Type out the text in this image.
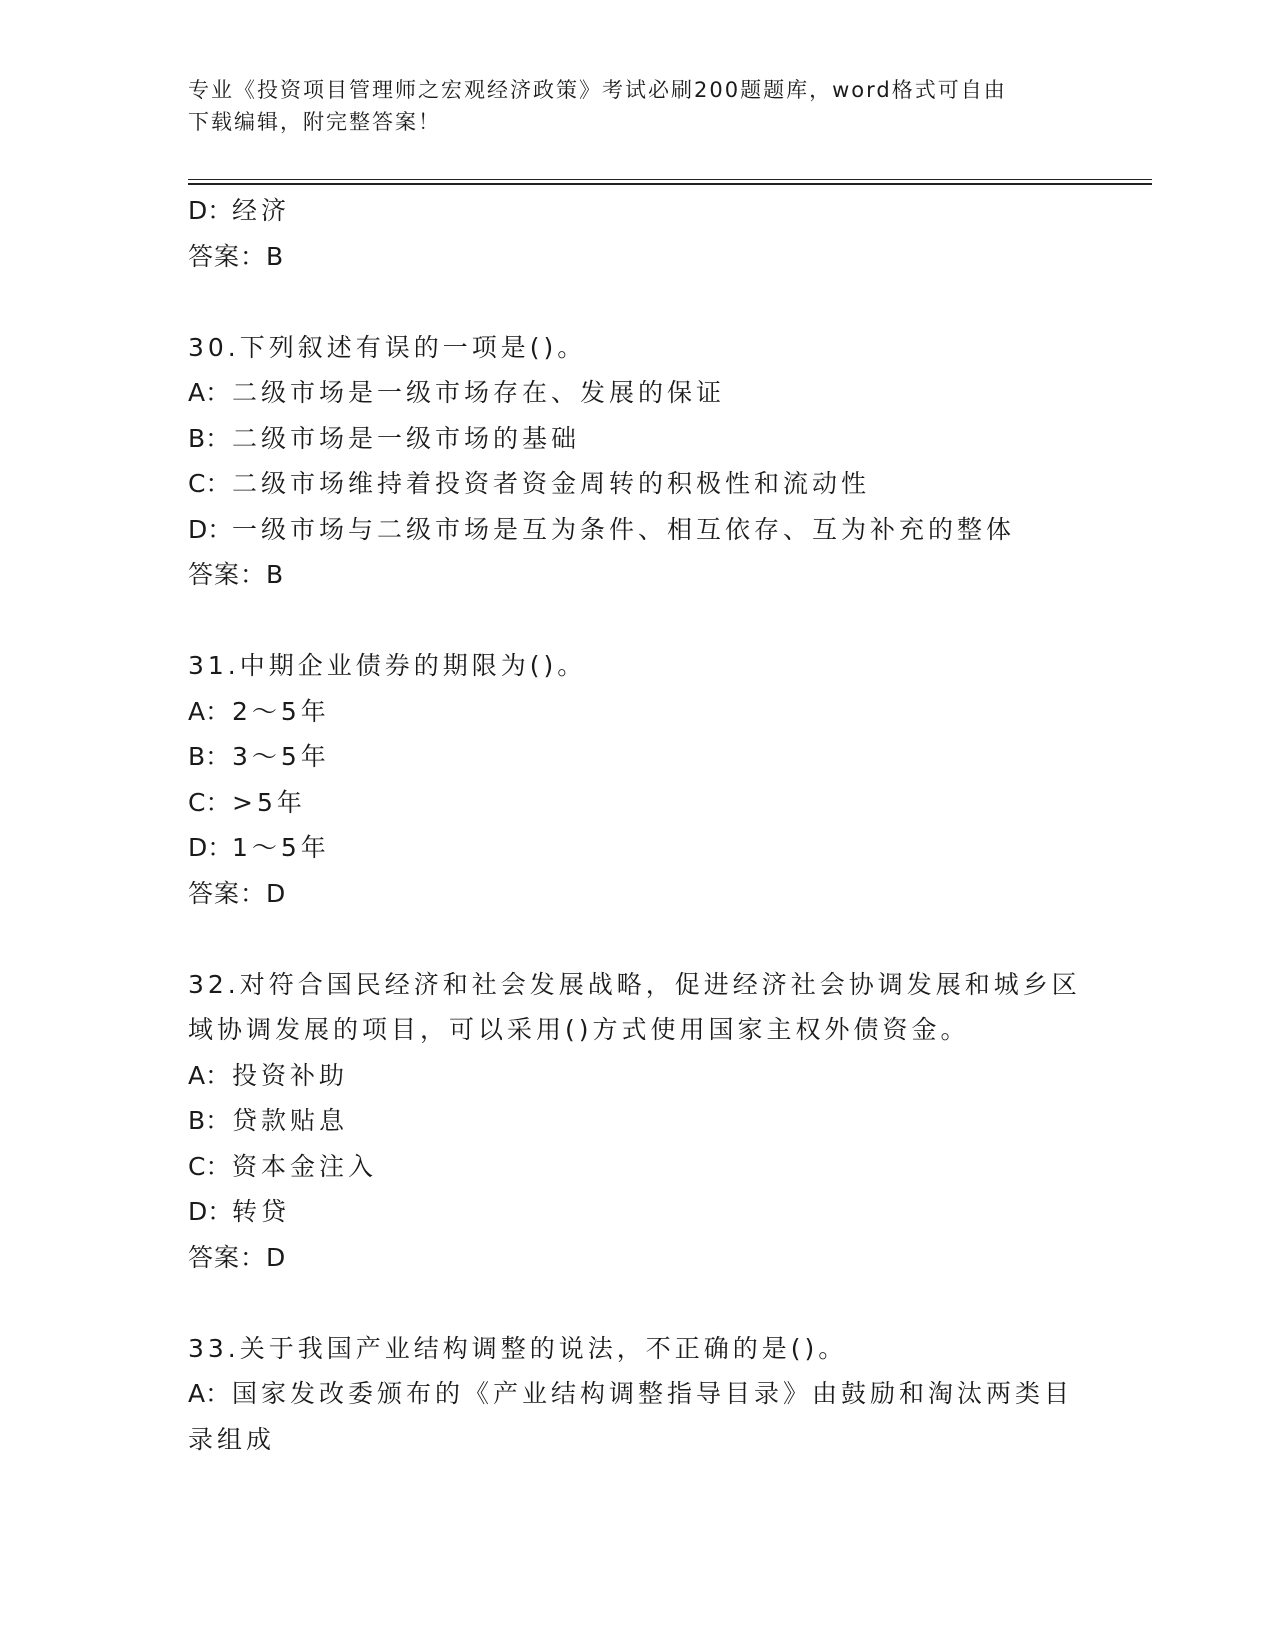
专业《投资项目管理师之宏观经济政策》考试必刷200题题库，word格式可自由
下载编辑，附完整答案！
D：经济
答案：B
30.下列叙述有误的一项是()。
A：二级市场是一级市场存在、发展的保证
B：二级市场是一级市场的基础
C：二级市场维持着投资者资金周转的积极性和流动性
D：一级市场与二级市场是互为条件、相互依存、互为补充的整体
答案：B
31.中期企业债券的期限为()。
A：2～5年
B：3～5年
C：>5年
D：1～5年
答案：D
32.对符合国民经济和社会发展战略，促进经济社会协调发展和城乡区域协调发展的项目，可以采用()方式使用国家主权外债资金。
A：投资补助
B：贷款贴息
C：资本金注入
D：转贷
答案：D
33.关于我国产业结构调整的说法，不正确的是()。
A：国家发改委颁布的《产业结构调整指导目录》由鼓励和淘汰两类目录组成
